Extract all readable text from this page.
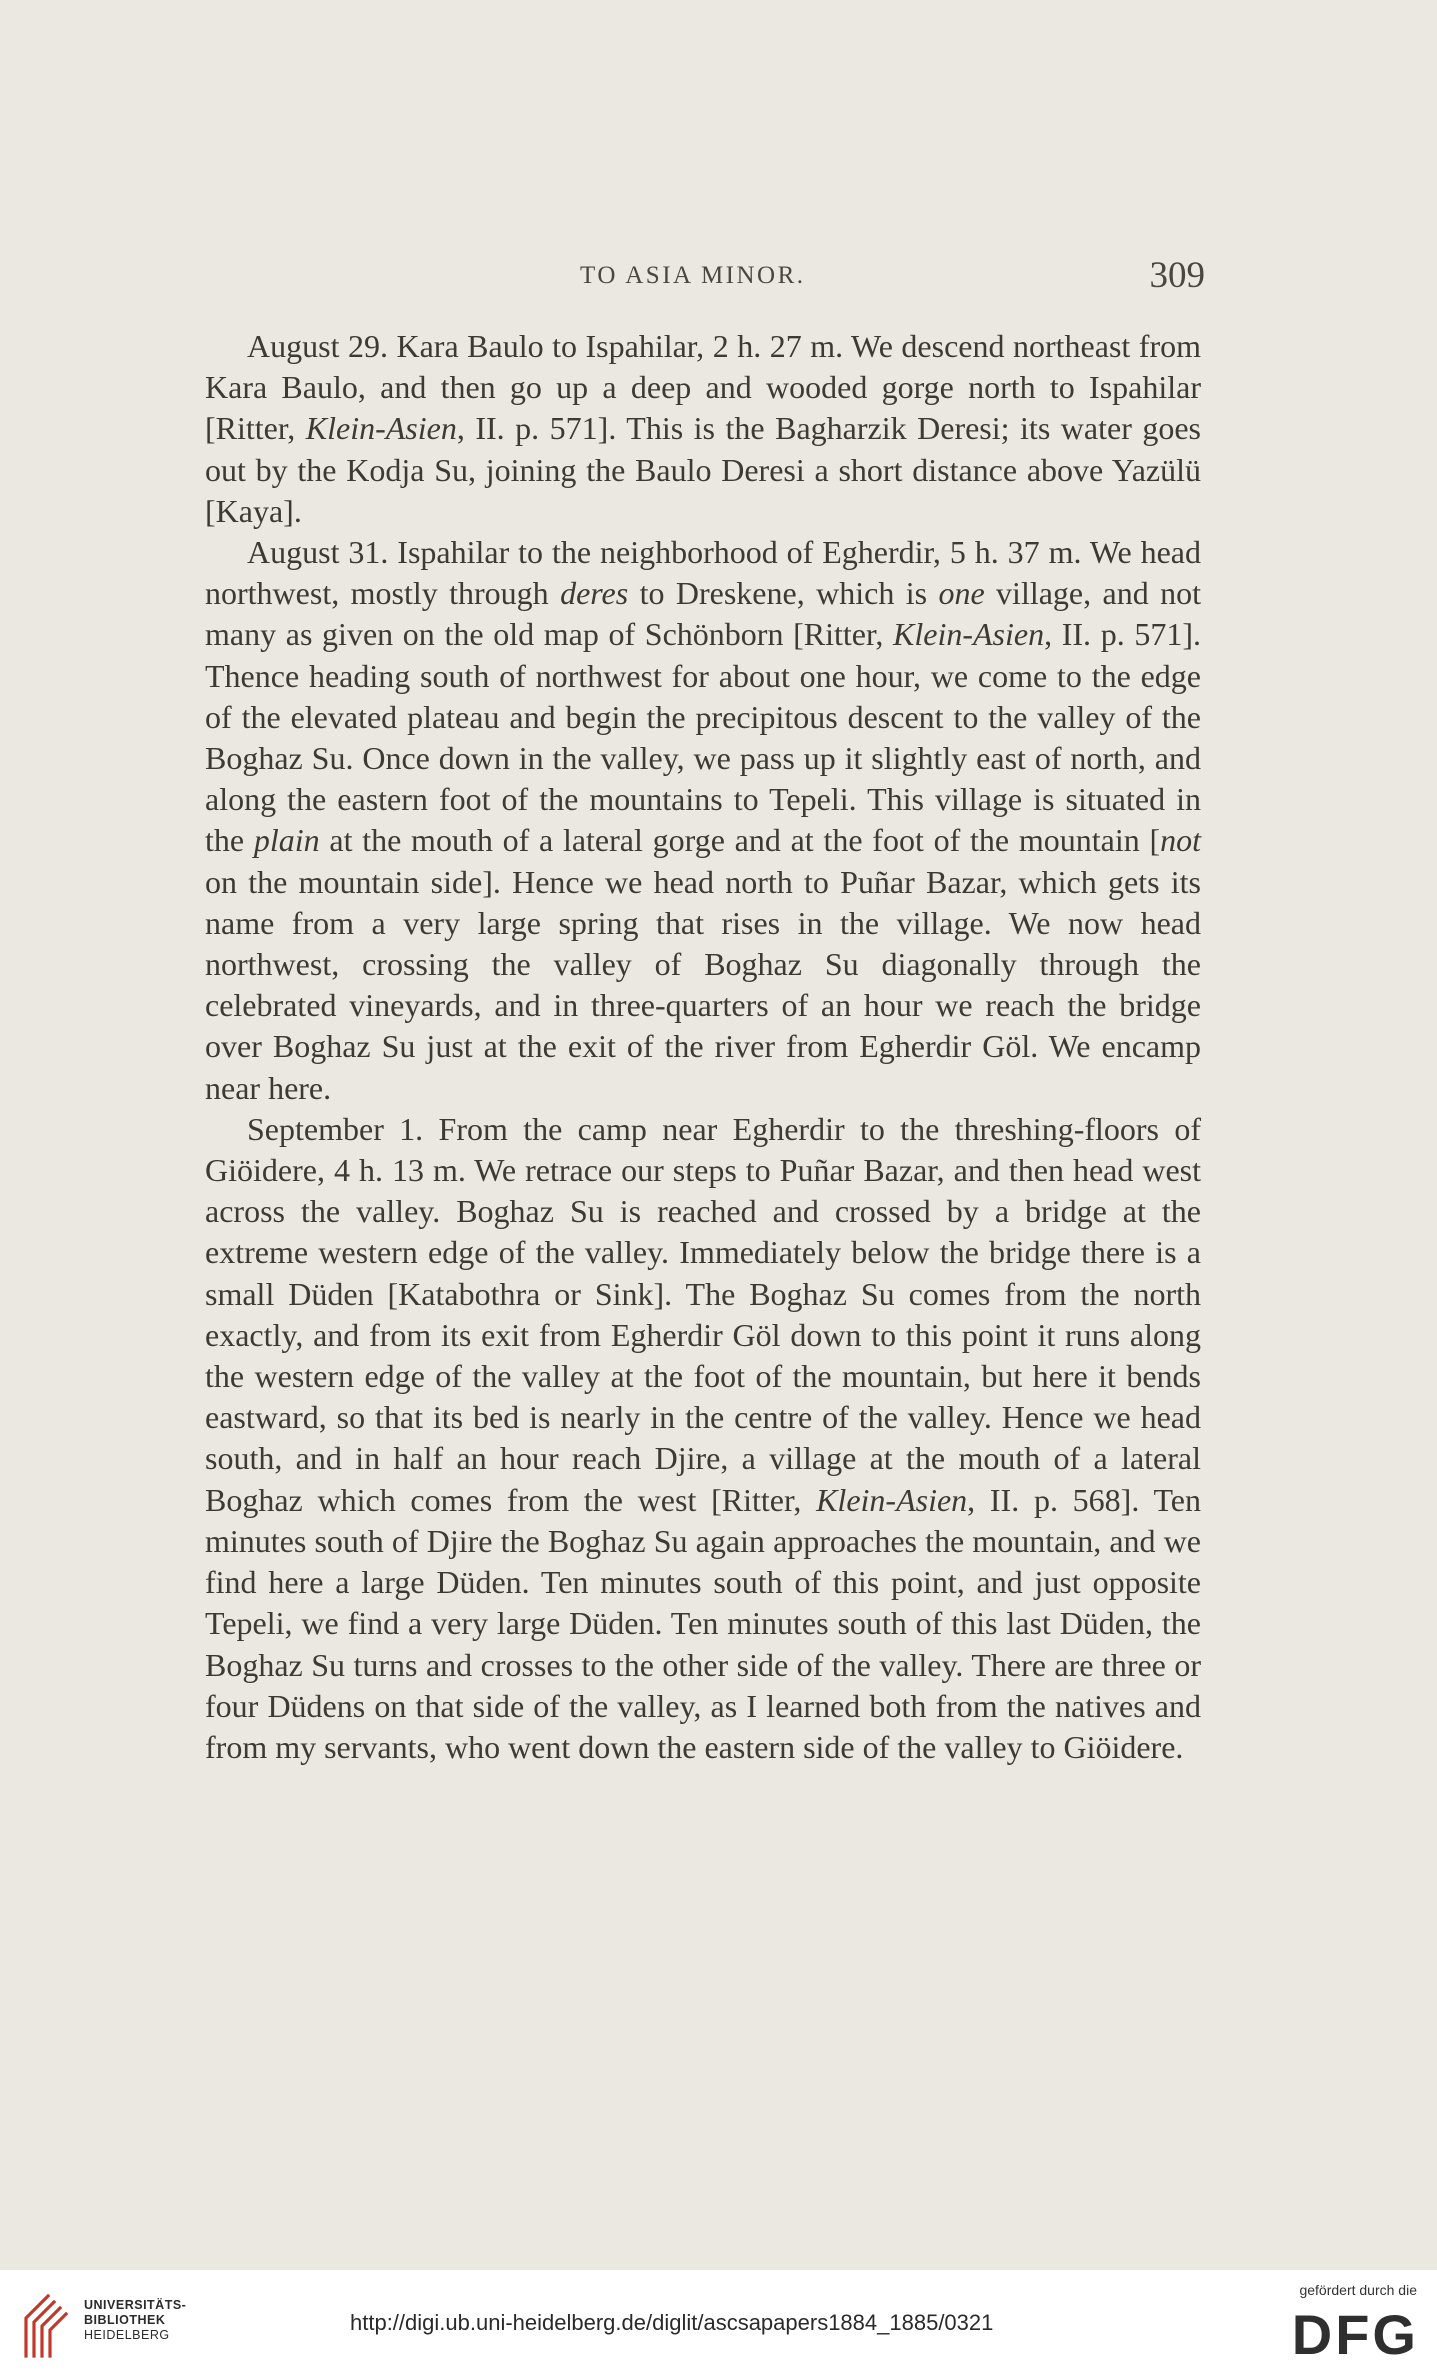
TO ASIA MINOR.	309

August 29. Kara Baulo to Ispahilar, 2 h. 27 m. We descend northeast from Kara Baulo, and then go up a deep and wooded gorge north to Ispahilar [Ritter, Klein-Asien, II. p. 571]. This is the Bagharzik Deresi; its water goes out by the Kodja Su, joining the Baulo Deresi a short distance above Yazülü [Kaya].

August 31. Ispahilar to the neighborhood of Egherdir, 5 h. 37 m. We head northwest, mostly through deres to Dreskene, which is one village, and not many as given on the old map of Schönborn [Ritter, Klein-Asien, II. p. 571]. Thence heading south of northwest for about one hour, we come to the edge of the elevated plateau and begin the precipitous descent to the valley of the Boghaz Su. Once down in the valley, we pass up it slightly east of north, and along the eastern foot of the mountains to Tepeli. This village is situated in the plain at the mouth of a lateral gorge and at the foot of the mountain [not on the mountain side]. Hence we head north to Puñar Bazar, which gets its name from a very large spring that rises in the village. We now head northwest, crossing the valley of Boghaz Su diagonally through the celebrated vineyards, and in three-quarters of an hour we reach the bridge over Boghaz Su just at the exit of the river from Egherdir Göl. We encamp near here.

September 1. From the camp near Egherdir to the threshing-floors of Giöidere, 4 h. 13 m. We retrace our steps to Puñar Bazar, and then head west across the valley. Boghaz Su is reached and crossed by a bridge at the extreme western edge of the valley. Immediately below the bridge there is a small Düden [Katabothra or Sink]. The Boghaz Su comes from the north exactly, and from its exit from Egherdir Göl down to this point it runs along the western edge of the valley at the foot of the mountain, but here it bends eastward, so that its bed is nearly in the centre of the valley. Hence we head south, and in half an hour reach Djire, a village at the mouth of a lateral Boghaz which comes from the west [Ritter, Klein-Asien, II. p. 568]. Ten minutes south of Djire the Boghaz Su again approaches the mountain, and we find here a large Düden. Ten minutes south of this point, and just opposite Tepeli, we find a very large Düden. Ten minutes south of this last Düden, the Boghaz Su turns and crosses to the other side of the valley. There are three or four Düdens on that side of the valley, as I learned both from the natives and from my servants, who went down the eastern side of the valley to Giöidere.

UNIVERSITÄTS-
BIBLIOTHEK
HEIDELBERG	http://digi.ub.uni-heidelberg.de/diglit/ascsapapers1884_1885/0321
gefördert durch die
DFG
